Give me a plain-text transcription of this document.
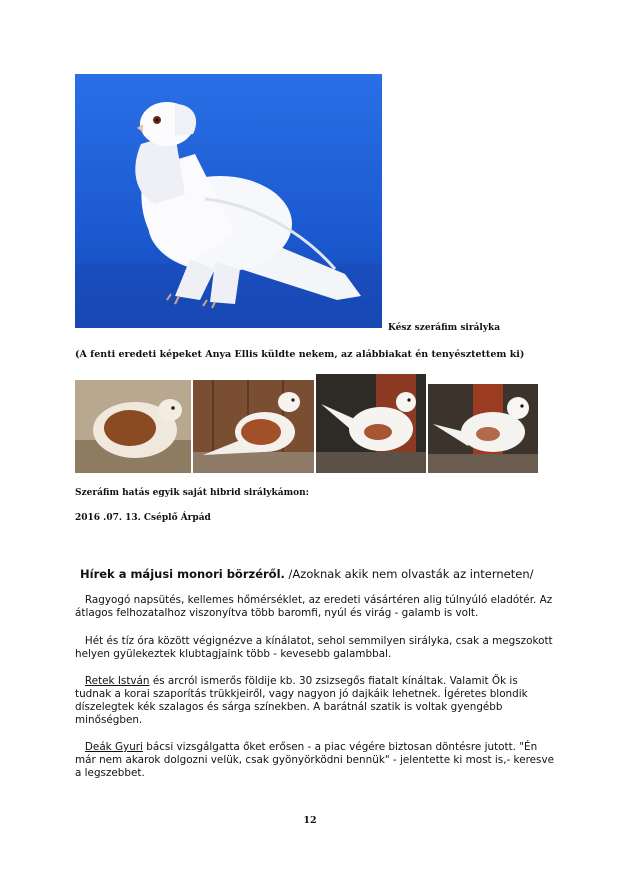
Kész szeráfim sirályka
(A fenti eredeti képeket Anya Ellis küldte nekem, az alábbiakat én tenyésztettem ki)
Szeráfim hatás egyik saját hibrid sirálykámon:
2016 .07. 13. Cséplő Árpád
Hírek a májusi monori börzéről. /Azoknak akik nem olvasták az interneten/

Ragyogó napsütés, kellemes hőmérséklet, az eredeti vásártéren alig túlnyúló eladótér. Az átlagos felhozatalhoz viszonyítva több baromfi, nyúl és virág - galamb is volt.

Hét és tíz óra között végignézve a kínálatot, sehol semmilyen sirályka, csak a megszokott helyen gyülekeztek klubtagjaink több - kevesebb galambbal.

Retek István és arcról ismerős földije kb. 30 zsizsegős fiatalt kínáltak. Valamit Ők is tudnak a korai szaporítás trükkjeiről, vagy nagyon jó dajkáik lehetnek. Ígéretes blondik díszelegtek kék szalagos és sárga színekben. A barátnál szatik is voltak gyengébb minőségben.

Deák Gyuri bácsi vizsgálgatta őket erősen - a piac végére biztosan döntésre jutott. "Én már nem akarok dolgozni velük, csak gyönyörködni bennük" - jelentette ki most is,- keresve a legszebbet.

12
